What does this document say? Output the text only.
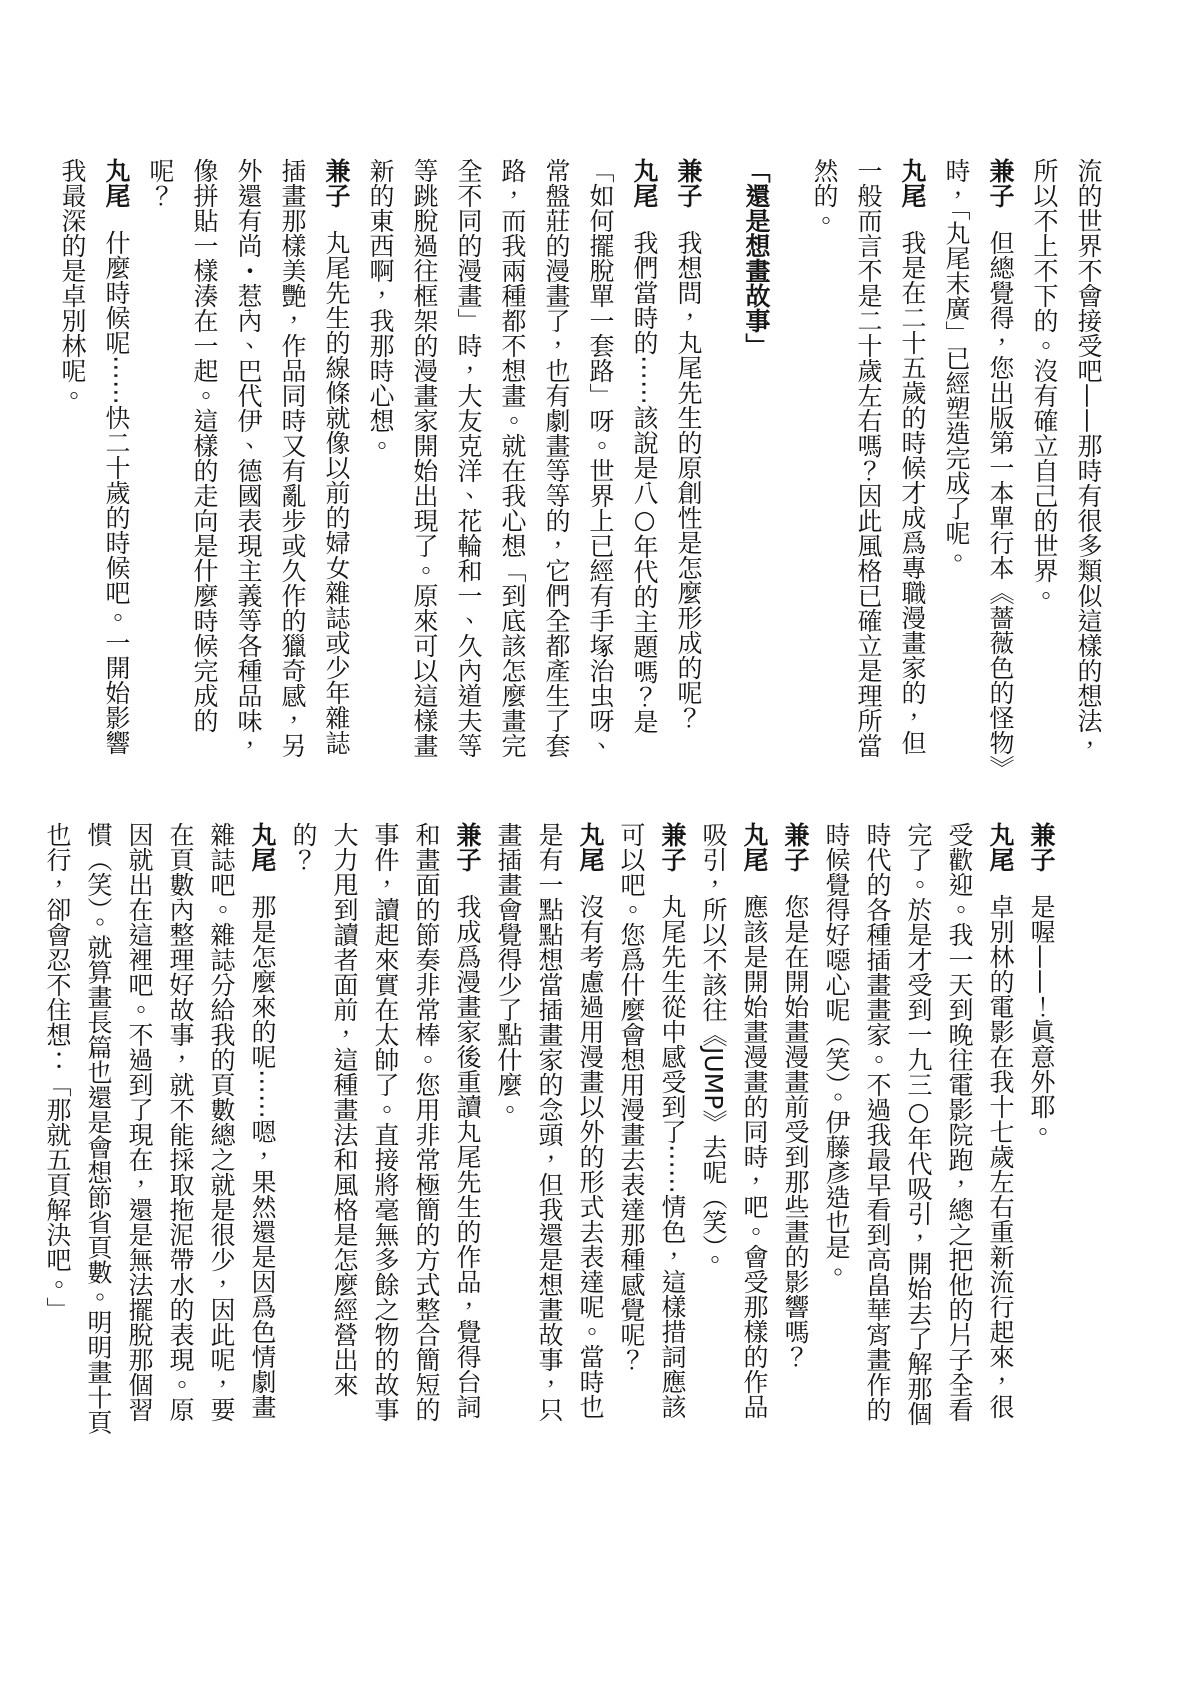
流的世界不會接受吧——那時有很多類似這樣的想法，所以不上不下的。沒有確立自己的世界。

兼子但總覺得，您出版第一本單行本《薔薇色的怪物》時，「丸尾末廣」已經塑造完成了呢。

丸尾我是在二十五歲的時候才成爲專職漫畫家的，但一般而言不是二十歲左右嗎？因此風格已確立是理所當然的。

「還是想畫故事」

兼子我想問，丸尾先生的原創性是怎麼形成的呢？

丸尾我們當時的⋯⋯該說是八○年代的主題嗎？是「如何擺脫單一套路」呀。世界上已經有手塚治虫呀、常盤莊的漫畫了，也有劇畫等等的，它們全都產生了套路，而我兩種都不想畫。就在我心想「到底該怎麼畫完全不同的漫畫」時，大友克洋、花輪和一、久內道夫等等跳脫過往框架的漫畫家開始出現了。原來可以這樣畫新的東西啊，我那時心想。

兼子丸尾先生的線條就像以前的婦女雜誌或少年雜誌插畫那樣美艷，作品同時又有亂步或久作的獵奇感，另外還有尚・惹內、巴代伊、德國表現主義等各種品味，像拼貼一樣湊在一起。這樣的走向是什麼時候完成的呢？

丸尾什麼時候呢⋯⋯快二十歲的時候吧。一開始影響我最深的是卓別林呢。

兼子是喔——！眞意外耶。

丸尾卓別林的電影在我十七歲左右重新流行起來，很受歡迎。我一天到晚往電影院跑，總之把他的片子全看完了。於是才受到一九三○年代吸引，開始去了解那個時代的各種插畫畫家。不過我最早看到高畠華宵畫作的時候覺得好噁心呢（笑）。伊藤彥造也是。

兼子您是在開始畫漫畫前受到那些畫的影響嗎？

丸尾應該是開始畫漫畫的同時，吧。會受那樣的作品吸引，所以不該往《JUMP》去呢（笑）。

兼子丸尾先生從中感受到了⋯⋯情色，這樣措詞應該可以吧。您爲什麼會想用漫畫去表達那種感覺呢？

丸尾沒有考慮過用漫畫以外的形式去表達呢。當時也是有一點點想當插畫家的念頭，但我還是想畫故事，只畫插畫會覺得少了點什麼。

兼子我成爲漫畫家後重讀丸尾先生的作品，覺得台詞和畫面的節奏非常棒。您用非常極簡的方式整合簡短的事件，讀起來實在太帥了。直接將毫無多餘之物的故事大力甩到讀者面前，這種畫法和風格是怎麼經營出來的？

丸尾那是怎麼來的呢⋯⋯嗯，果然還是因爲色情劇畫雜誌吧。雜誌分給我的頁數總之就是很少，因此呢，要在頁數內整理好故事，就不能採取拖泥帶水的表現。原因就出在這裡吧。不過到了現在，還是無法擺脫那個習慣（笑）。就算畫長篇也還是會想節省頁數。明明畫十頁也行，卻會忍不住想：「那就五頁解決吧。」
